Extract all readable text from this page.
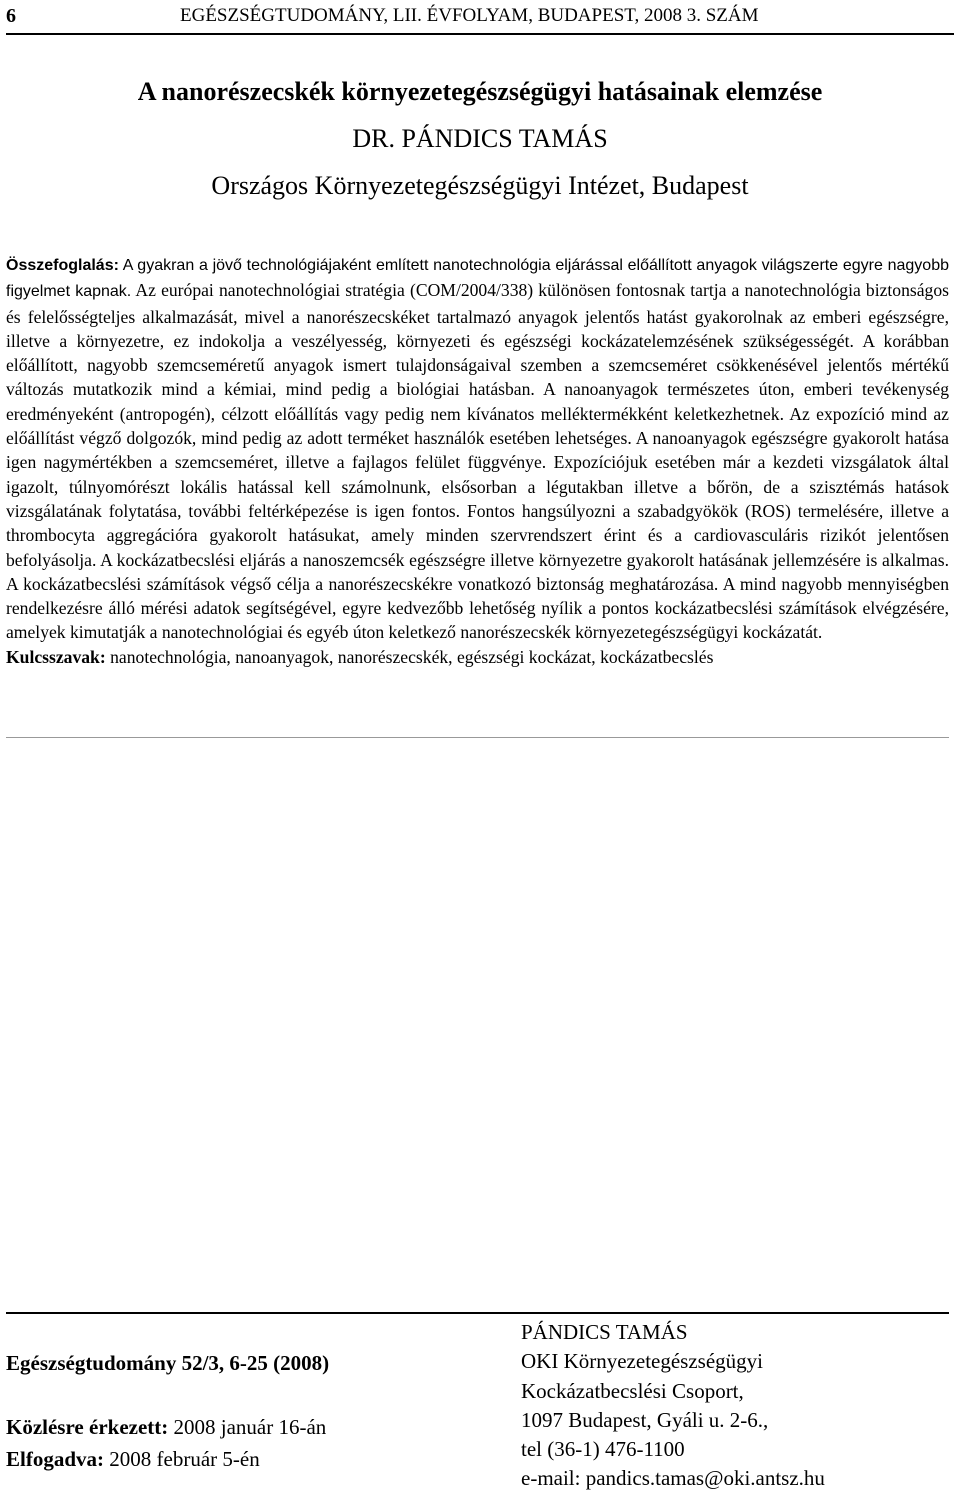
6	EGÉSZSÉGTUDOMÁNY, LII. ÉVFOLYAM, BUDAPEST, 2008 3. SZÁM
A nanorészecskék környezetegészségügyi hatásainak elemzése
DR. PÁNDICS TAMÁS
Országos Környezetegészségügyi Intézet, Budapest
Összefoglalás: A gyakran a jövő technológiájaként említett nanotechnológia eljárással előállított anyagok világszerte egyre nagyobb figyelmet kapnak. Az európai nanotechnológiai stratégia (COM/2004/338) különösen fontosnak tartja a nanotechnológia biztonságos és felelősségteljes alkalmazását, mivel a nanorészecskéket tartalmazó anyagok jelentős hatást gyakorolnak az emberi egészségre, illetve a környezetre, ez indokolja a veszélyesség, környezeti és egészségi kockázatelemzésének szükségességét. A korábban előállított, nagyobb szemcseméretű anyagok ismert tulajdonságaival szemben a szemcseméret csökkenésével jelentős mértékű változás mutatkozik mind a kémiai, mind pedig a biológiai hatásban. A nanoanyagok természetes úton, emberi tevékenység eredményeként (antropogén), célzott előállítás vagy pedig nem kívánatos melléktermékként keletkezhetnek. Az expozíció mind az előállítást végző dolgozók, mind pedig az adott terméket használók esetében lehetséges. A nanoanyagok egészségre gyakorolt hatása igen nagymértékben a szemcseméret, illetve a fajlagos felület függvénye. Expozíciójuk esetében már a kezdeti vizsgálatok által igazolt, túlnyomórészt lokális hatással kell számolnunk, elsősorban a légutakban illetve a bőrön, de a szisztémás hatások vizsgálatának folytatása, további feltérképezése is igen fontos. Fontos hangsúlyozni a szabadgyökök (ROS) termelésére, illetve a thrombocyta aggregációra gyakorolt hatásukat, amely minden szervrendszert érint és a cardiovasculáris rizikót jelentősen befolyásolja. A kockázatbecslési eljárás a nanoszemcsék egészségre illetve környezetre gyakorolt hatásának jellemzésére is alkalmas. A kockázatbecslési számítások végső célja a nanorészecskékre vonatkozó biztonság meghatározása. A mind nagyobb mennyiségben rendelkezésre álló mérési adatok segítségével, egyre kedvezőbb lehetőség nyílik a pontos kockázatbecslési számítások elvégzésére, amelyek kimutatják a nanotechnológiai és egyéb úton keletkező nanorészecskék környezetegészségügyi kockázatát.
Kulcsszavak: nanotechnológia, nanoanyagok, nanorészecskék, egészségi kockázat, kockázatbecslés
Egészségtudomány 52/3, 6-25 (2008)
Közlésre érkezett: 2008 január 16-án
Elfogadva: 2008 február 5-én
PÁNDICS TAMÁS
OKI Környezetegészségügyi
Kockázatbecslési Csoport,
1097 Budapest, Gyáli u. 2-6.,
tel (36-1) 476-1100
e-mail: pandics.tamas@oki.antsz.hu
